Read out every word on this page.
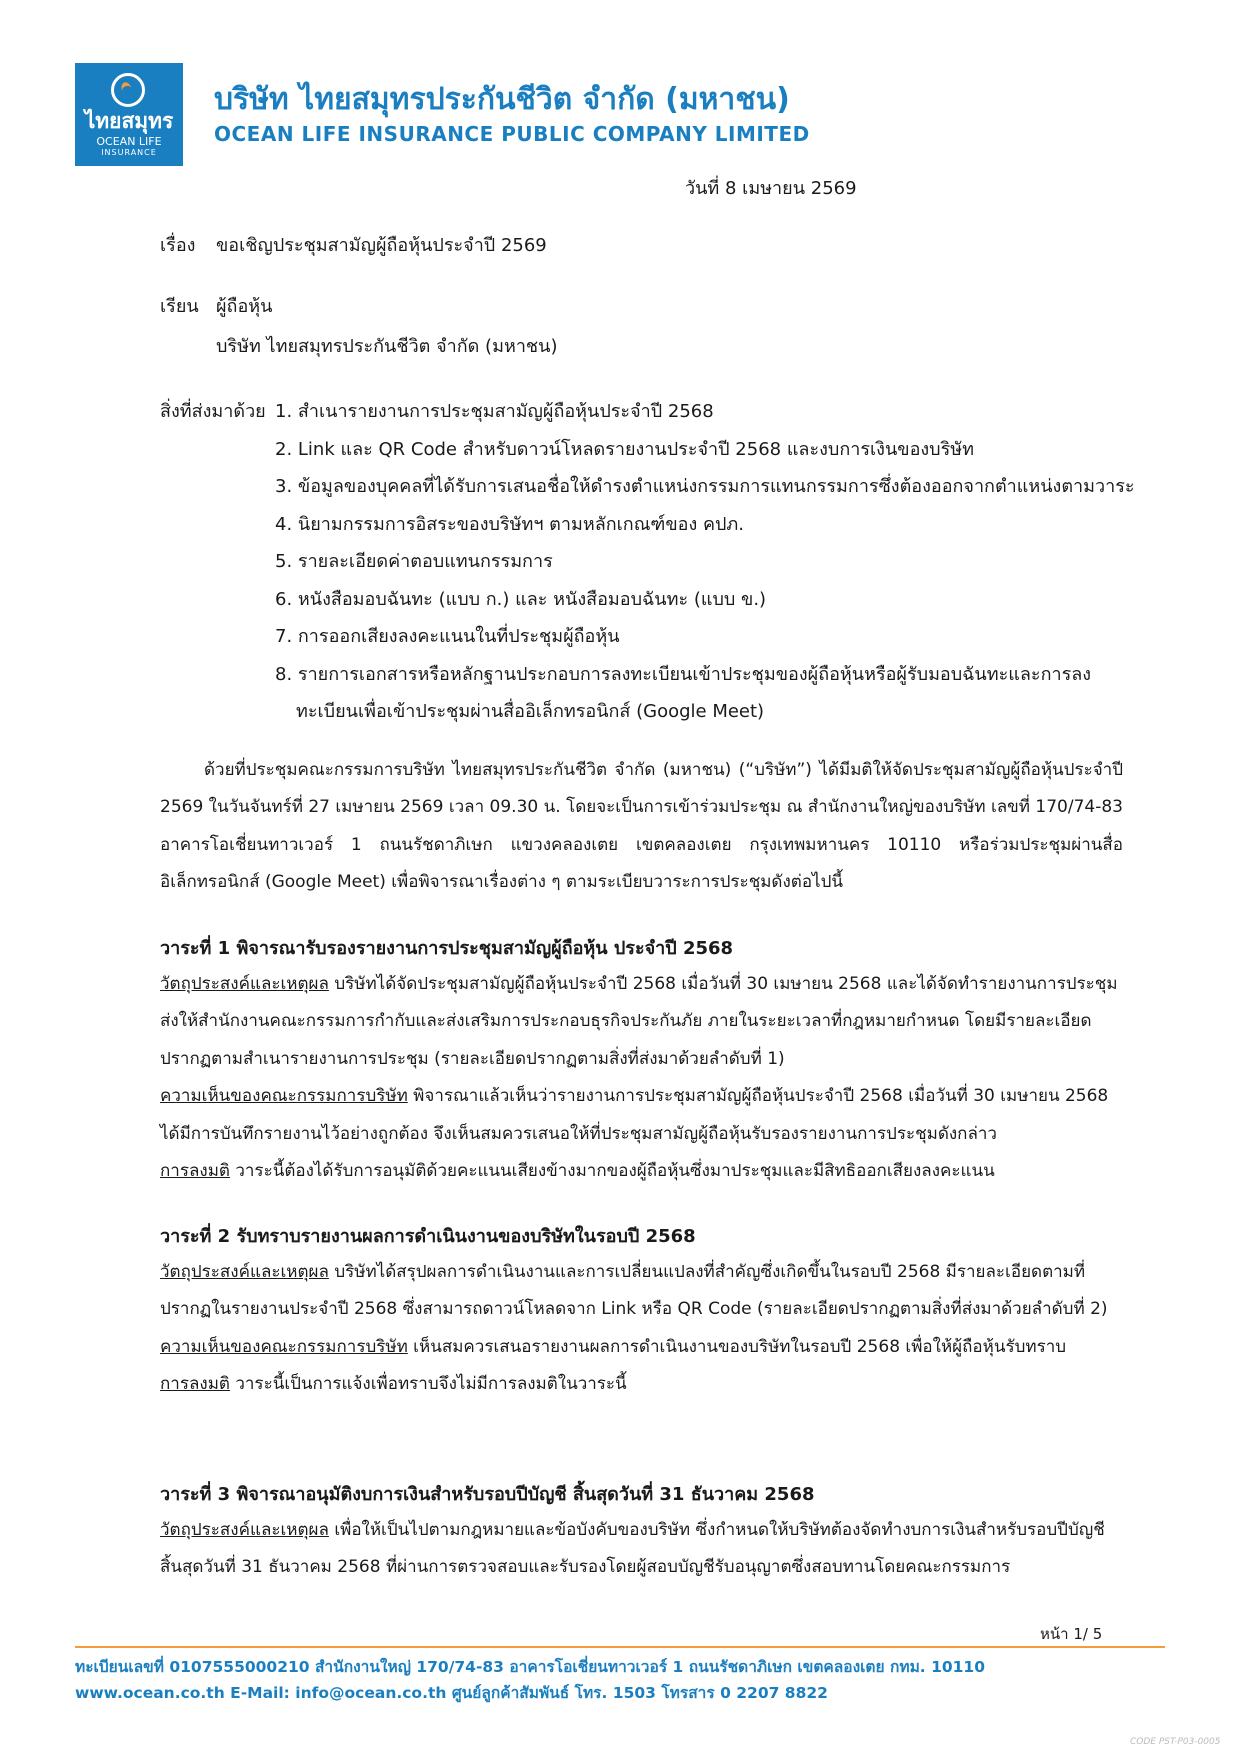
ไทยสมุทร
OCEAN LIFE
INSURANCE
บริษัท ไทยสมุทรประกันชีวิต จำกัด (มหาชน)
OCEAN LIFE INSURANCE PUBLIC COMPANY LIMITED
วันที่ 8 เมษายน 2569
เรื่อง ขอเชิญประชุมสามัญผู้ถือหุ้นประจำปี 2569
เรียน ผู้ถือหุ้น
บริษัท ไทยสมุทรประกันชีวิต จำกัด (มหาชน)
สิ่งที่ส่งมาด้วย 1. สำเนารายงานการประชุมสามัญผู้ถือหุ้นประจำปี 2568
2. Link และ QR Code สำหรับดาวน์โหลดรายงานประจำปี 2568 และงบการเงินของบริษัท
3. ข้อมูลของบุคคลที่ได้รับการเสนอชื่อให้ดำรงตำแหน่งกรรมการแทนกรรมการซึ่งต้องออกจากตำแหน่งตามวาระ
4. นิยามกรรมการอิสระของบริษัทฯ ตามหลักเกณฑ์ของ คปภ.
5. รายละเอียดค่าตอบแทนกรรมการ
6. หนังสือมอบฉันทะ (แบบ ก.) และ หนังสือมอบฉันทะ (แบบ ข.)
7. การออกเสียงลงคะแนนในที่ประชุมผู้ถือหุ้น
8. รายการเอกสารหรือหลักฐานประกอบการลงทะเบียนเข้าประชุมของผู้ถือหุ้นหรือผู้รับมอบฉันทะและการลง
ทะเบียนเพื่อเข้าประชุมผ่านสื่ออิเล็กทรอนิกส์ (Google Meet)
ด้วยที่ประชุมคณะกรรมการบริษัท ไทยสมุทรประกันชีวิต จำกัด (มหาชน) (“บริษัท”) ได้มีมติให้จัดประชุมสามัญผู้ถือหุ้นประจำปี 2569 ในวันจันทร์ที่ 27 เมษายน 2569 เวลา 09.30 น. โดยจะเป็นการเข้าร่วมประชุม ณ สำนักงานใหญ่ของบริษัท เลขที่ 170/74-83 อาคารโอเชี่ยนทาวเวอร์ 1 ถนนรัชดาภิเษก แขวงคลองเตย เขตคลองเตย กรุงเทพมหานคร 10110 หรือร่วมประชุมผ่านสื่ออิเล็กทรอนิกส์ (Google Meet) เพื่อพิจารณาเรื่องต่าง ๆ ตามระเบียบวาระการประชุมดังต่อไปนี้
วาระที่ 1 พิจารณารับรองรายงานการประชุมสามัญผู้ถือหุ้น ประจำปี 2568
วัตถุประสงค์และเหตุผล บริษัทได้จัดประชุมสามัญผู้ถือหุ้นประจำปี 2568 เมื่อวันที่ 30 เมษายน 2568 และได้จัดทำรายงานการประชุมส่งให้สำนักงานคณะกรรมการกำกับและส่งเสริมการประกอบธุรกิจประกันภัย ภายในระยะเวลาที่กฎหมายกำหนด โดยมีรายละเอียดปรากฏตามสำเนารายงานการประชุม (รายละเอียดปรากฏตามสิ่งที่ส่งมาด้วยลำดับที่ 1)
ความเห็นของคณะกรรมการบริษัท พิจารณาแล้วเห็นว่ารายงานการประชุมสามัญผู้ถือหุ้นประจำปี 2568 เมื่อวันที่ 30 เมษายน 2568 ได้มีการบันทึกรายงานไว้อย่างถูกต้อง จึงเห็นสมควรเสนอให้ที่ประชุมสามัญผู้ถือหุ้นรับรองรายงานการประชุมดังกล่าว
การลงมติ วาระนี้ต้องได้รับการอนุมัติด้วยคะแนนเสียงข้างมากของผู้ถือหุ้นซึ่งมาประชุมและมีสิทธิออกเสียงลงคะแนน
วาระที่ 2 รับทราบรายงานผลการดำเนินงานของบริษัทในรอบปี 2568
วัตถุประสงค์และเหตุผล บริษัทได้สรุปผลการดำเนินงานและการเปลี่ยนแปลงที่สำคัญซึ่งเกิดขึ้นในรอบปี 2568 มีรายละเอียดตามที่ปรากฏในรายงานประจำปี 2568 ซึ่งสามารถดาวน์โหลดจาก Link หรือ QR Code (รายละเอียดปรากฏตามสิ่งที่ส่งมาด้วยลำดับที่ 2)
ความเห็นของคณะกรรมการบริษัท เห็นสมควรเสนอรายงานผลการดำเนินงานของบริษัทในรอบปี 2568 เพื่อให้ผู้ถือหุ้นรับทราบ
การลงมติ วาระนี้เป็นการแจ้งเพื่อทราบจึงไม่มีการลงมติในวาระนี้
วาระที่ 3 พิจารณาอนุมัติงบการเงินสำหรับรอบปีบัญชี สิ้นสุดวันที่ 31 ธันวาคม 2568
วัตถุประสงค์และเหตุผล เพื่อให้เป็นไปตามกฎหมายและข้อบังคับของบริษัท ซึ่งกำหนดให้บริษัทต้องจัดทำงบการเงินสำหรับรอบปีบัญชีสิ้นสุดวันที่ 31 ธันวาคม 2568 ที่ผ่านการตรวจสอบและรับรองโดยผู้สอบบัญชีรับอนุญาตซึ่งสอบทานโดยคณะกรรมการ
หน้า 1/ 5
ทะเบียนเลขที่ 0107555000210 สำนักงานใหญ่ 170/74-83 อาคารโอเชี่ยนทาวเวอร์ 1 ถนนรัชดาภิเษก เขตคลองเตย กทม. 10110
www.ocean.co.th E-Mail: info@ocean.co.th ศูนย์ลูกค้าสัมพันธ์ โทร. 1503 โทรสาร 0 2207 8822
CODE PST-P03-0005
